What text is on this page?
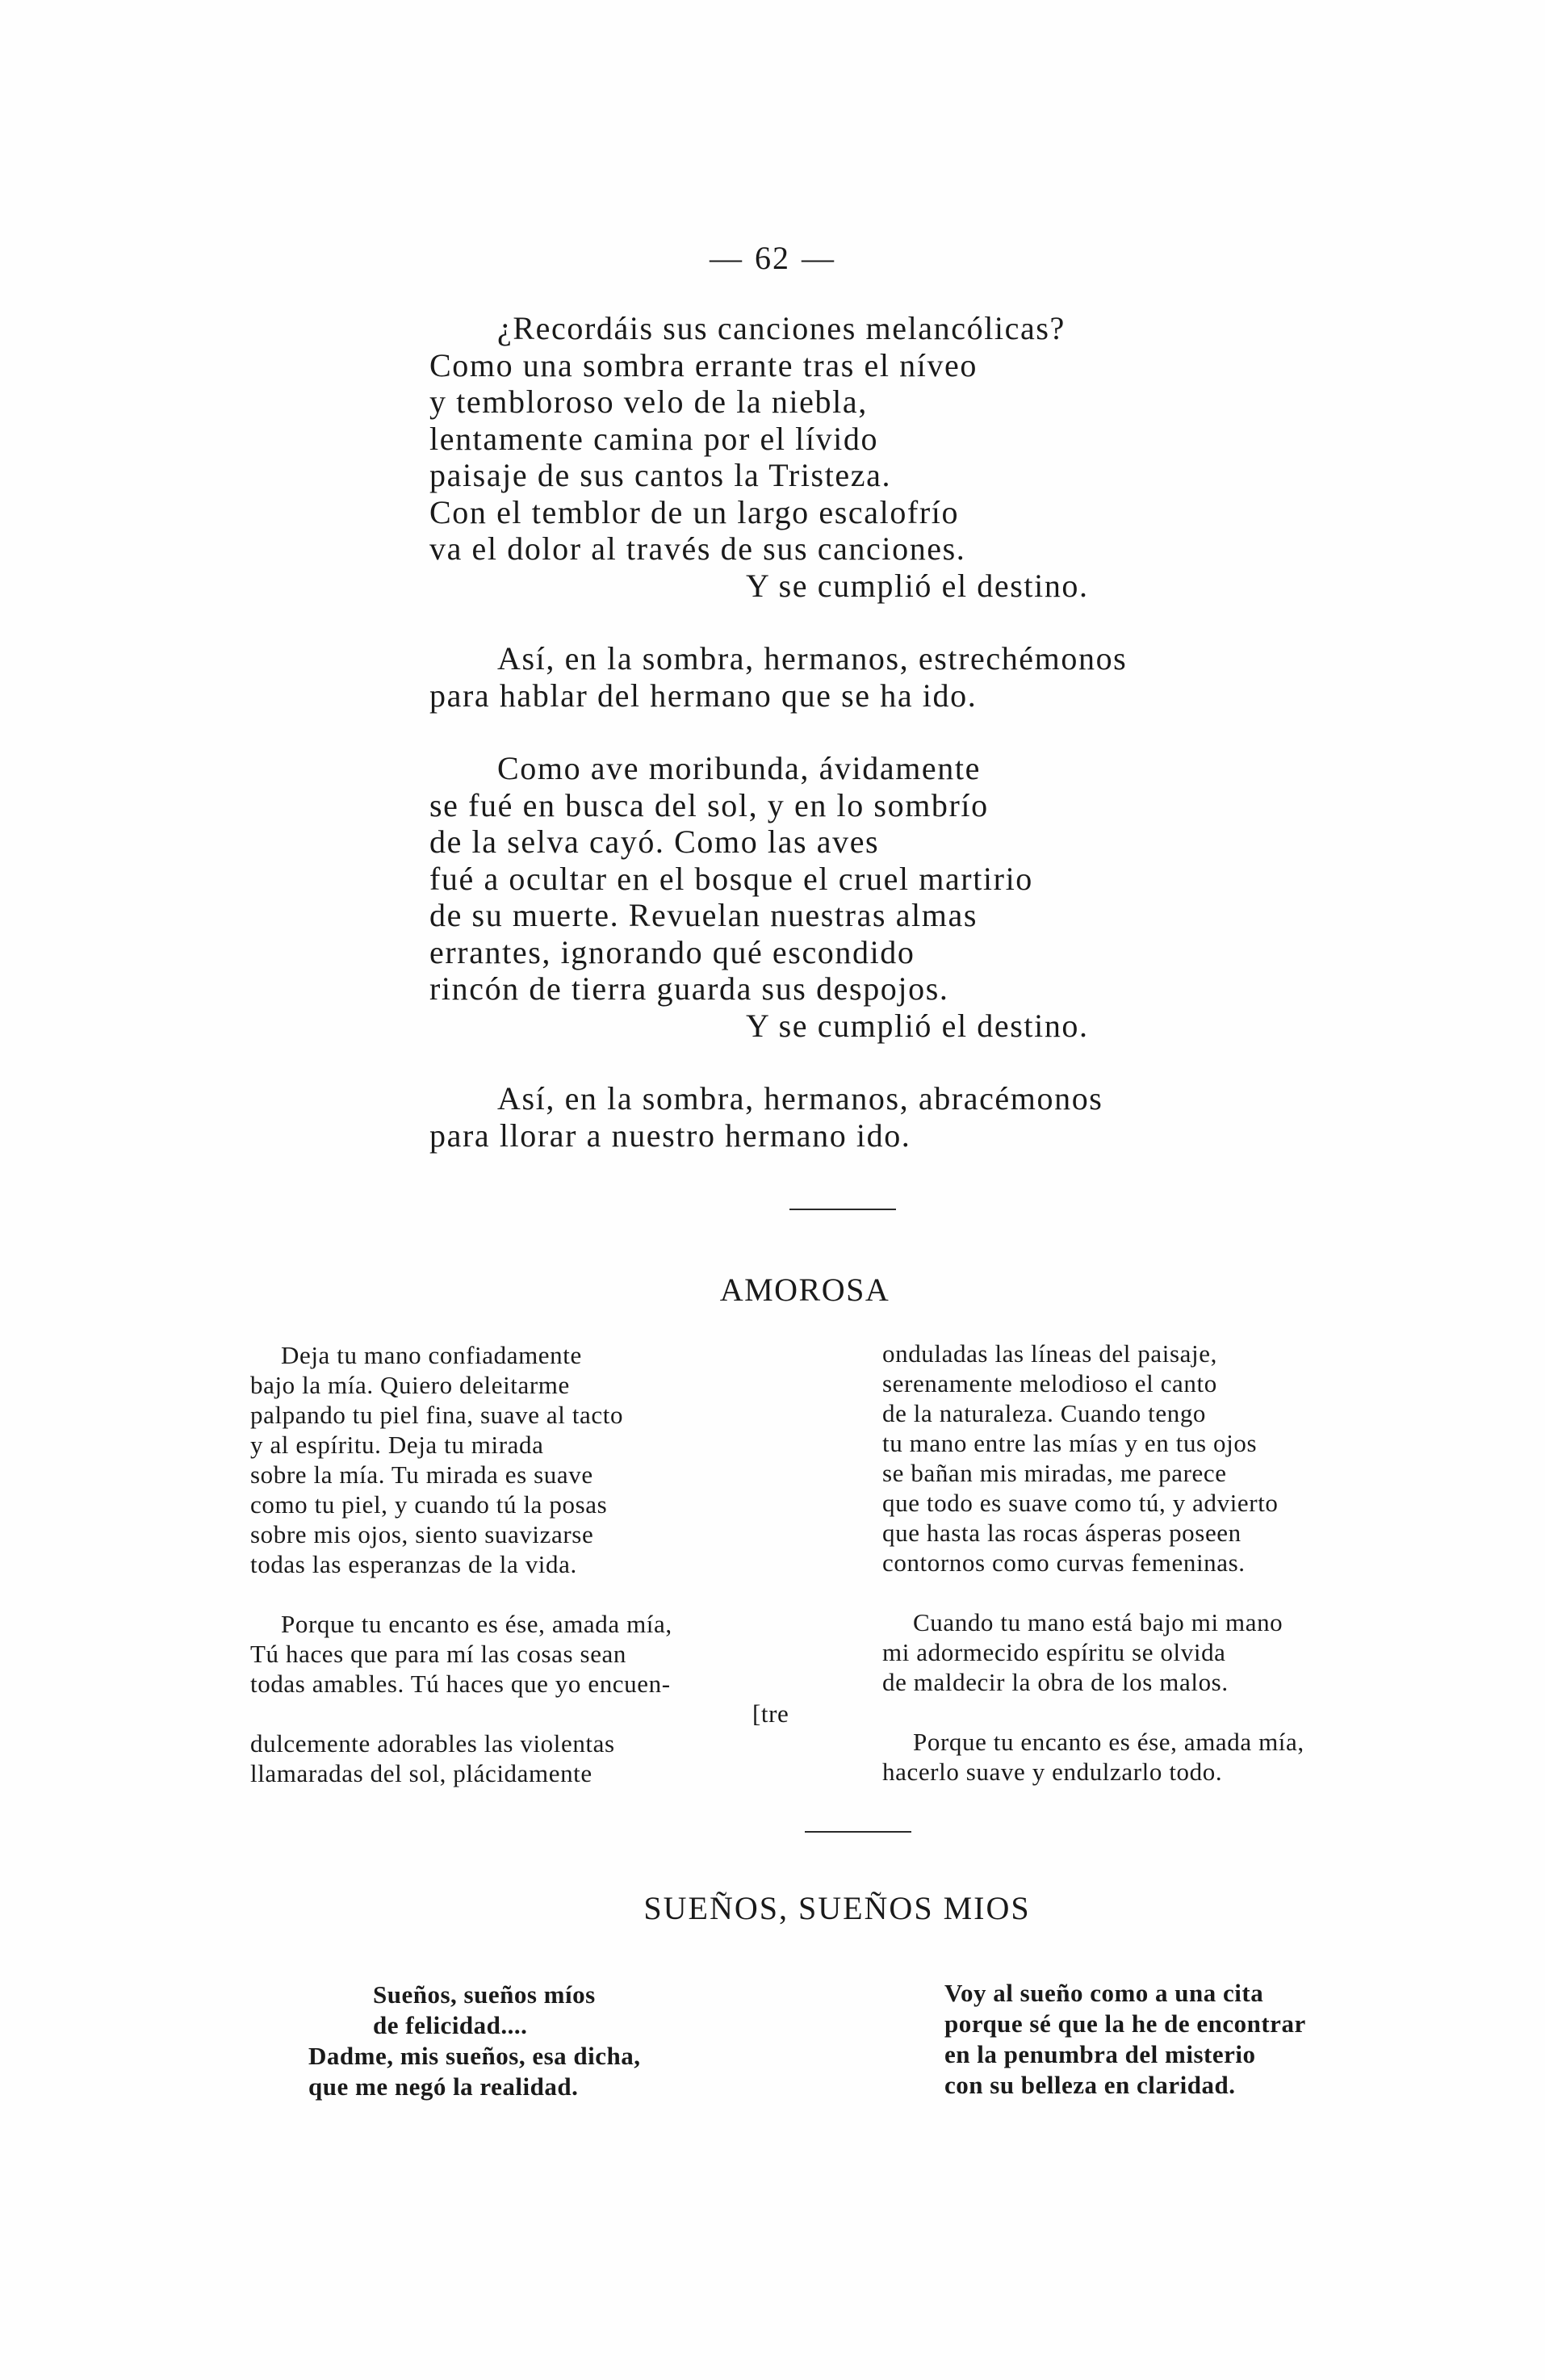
— 62 —
¿Recordáis sus canciones melancólicas?
Como una sombra errante tras el níveo
y tembloroso velo de la niebla,
lentamente camina por el lívido
paisaje de sus cantos la Tristeza.
Con el temblor de un largo escalofrío
va el dolor al través de sus canciones.
Y se cumplió el destino.
Así, en la sombra, hermanos, estrechémonos
para hablar del hermano que se ha ido.
Como ave moribunda, ávidamente
se fué en busca del sol, y en lo sombrío
de la selva cayó. Como las aves
fué a ocultar en el bosque el cruel martirio
de su muerte. Revuelan nuestras almas
errantes, ignorando qué escondido
rincón de tierra guarda sus despojos.
Y se cumplió el destino.
Así, en la sombra, hermanos, abracémonos
para llorar a nuestro hermano ido.
AMOROSA
Deja tu mano confiadamente
bajo la mía. Quiero deleitarme
palpando tu piel fina, suave al tacto
y al espíritu. Deja tu mirada
sobre la mía. Tu mirada es suave
como tu piel, y cuando tú la posas
sobre mis ojos, siento suavizarse
todas las esperanzas de la vida.
Porque tu encanto es ése, amada mía,
Tú haces que para mí las cosas sean
todas amables. Tú haces que yo encuen-
[tre
dulcemente adorables las violentas
llamaradas del sol, plácidamente
onduladas las líneas del paisaje,
serenamente melodioso el canto
de la naturaleza. Cuando tengo
tu mano entre las mías y en tus ojos
se bañan mis miradas, me parece
que todo es suave como tú, y advierto
que hasta las rocas ásperas poseen
contornos como curvas femeninas.
Cuando tu mano está bajo mi mano
mi adormecido espíritu se olvida
de maldecir la obra de los malos.
Porque tu encanto es ése, amada mía,
hacerlo suave y endulzarlo todo.
SUEÑOS, SUEÑOS MIOS
Sueños, sueños míos
de felicidad....
Dadme, mis sueños, esa dicha,
que me negó la realidad.
Voy al sueño como a una cita
porque sé que la he de encontrar
en la penumbra del misterio
con su belleza en claridad.
